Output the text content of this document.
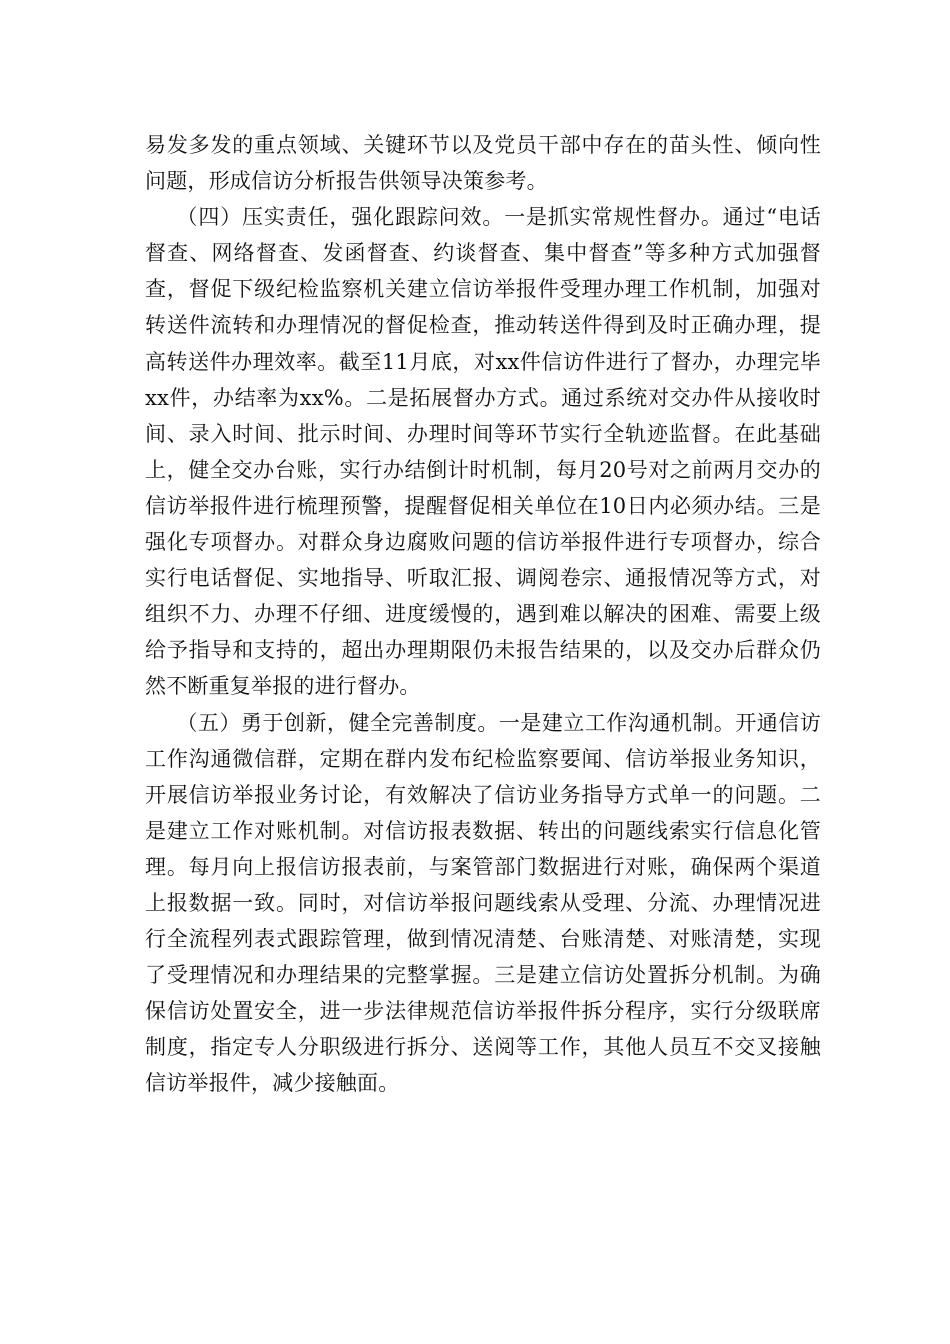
易发多发的重点领域、关键环节以及党员干部中存在的苗头性、倾向性问题，形成信访分析报告供领导决策参考。

（四）压实责任，强化跟踪问效。一是抓实常规性督办。通过“电话督查、网络督查、发函督查、约谈督查、集中督查”等多种方式加强督查，督促下级纪检监察机关建立信访举报件受理办理工作机制，加强对转送件流转和办理情况的督促检查，推动转送件得到及时正确办理，提高转送件办理效率。截至11月底，对xx件信访件进行了督办，办理完毕xx件，办结率为xx%。二是拓展督办方式。通过系统对交办件从接收时间、录入时间、批示时间、办理时间等环节实行全轨迹监督。在此基础上，健全交办台账，实行办结倒计时机制，每月20号对之前两月交办的信访举报件进行梳理预警，提醒督促相关单位在10日内必须办结。三是强化专项督办。对群众身边腐败问题的信访举报件进行专项督办，综合实行电话督促、实地指导、听取汇报、调阅卷宗、通报情况等方式，对组织不力、办理不仔细、进度缓慢的，遇到难以解决的困难、需要上级给予指导和支持的，超出办理期限仍未报告结果的，以及交办后群众仍然不断重复举报的进行督办。

（五）勇于创新，健全完善制度。一是建立工作沟通机制。开通信访工作沟通微信群，定期在群内发布纪检监察要闻、信访举报业务知识，开展信访举报业务讨论，有效解决了信访业务指导方式单一的问题。二是建立工作对账机制。对信访报表数据、转出的问题线索实行信息化管理。每月向上报信访报表前，与案管部门数据进行对账，确保两个渠道上报数据一致。同时，对信访举报问题线索从受理、分流、办理情况进行全流程列表式跟踪管理，做到情况清楚、台账清楚、对账清楚，实现了受理情况和办理结果的完整掌握。三是建立信访处置拆分机制。为确保信访处置安全，进一步法律规范信访举报件拆分程序，实行分级联席制度，指定专人分职级进行拆分、送阅等工作，其他人员互不交叉接触信访举报件，减少接触面。
